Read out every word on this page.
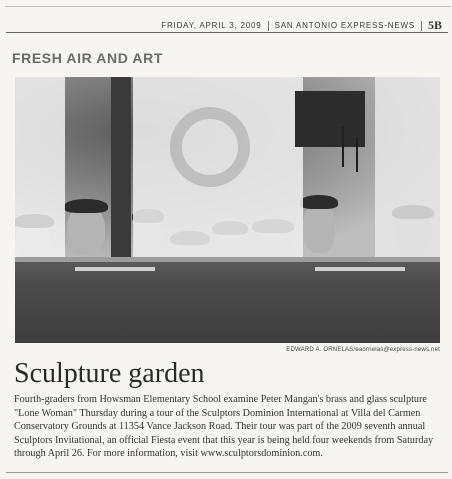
FRIDAY, APRIL 3, 2009 SAN ANTONIO EXPRESS-NEWS 5B
FRESH AIR AND ART
EDWARD A. ORNELAS/eaornelas@express-news.net
Sculpture garden
Fourth-graders from Howsman Elementary School examine Peter Mangan's brass and glass sculpture
"Lone Woman" Thursday during a tour of the Sculptors Dominion International at Villa del Carmen
Conservatory Grounds at 11354 Vance Jackson Road. Their tour was part of the 2009 seventh annual
Sculptors Invitational, an official Fiesta event that this year is being held four weekends from Saturday
through April 26. For more information, visit www.sculptorsdominion.com.
